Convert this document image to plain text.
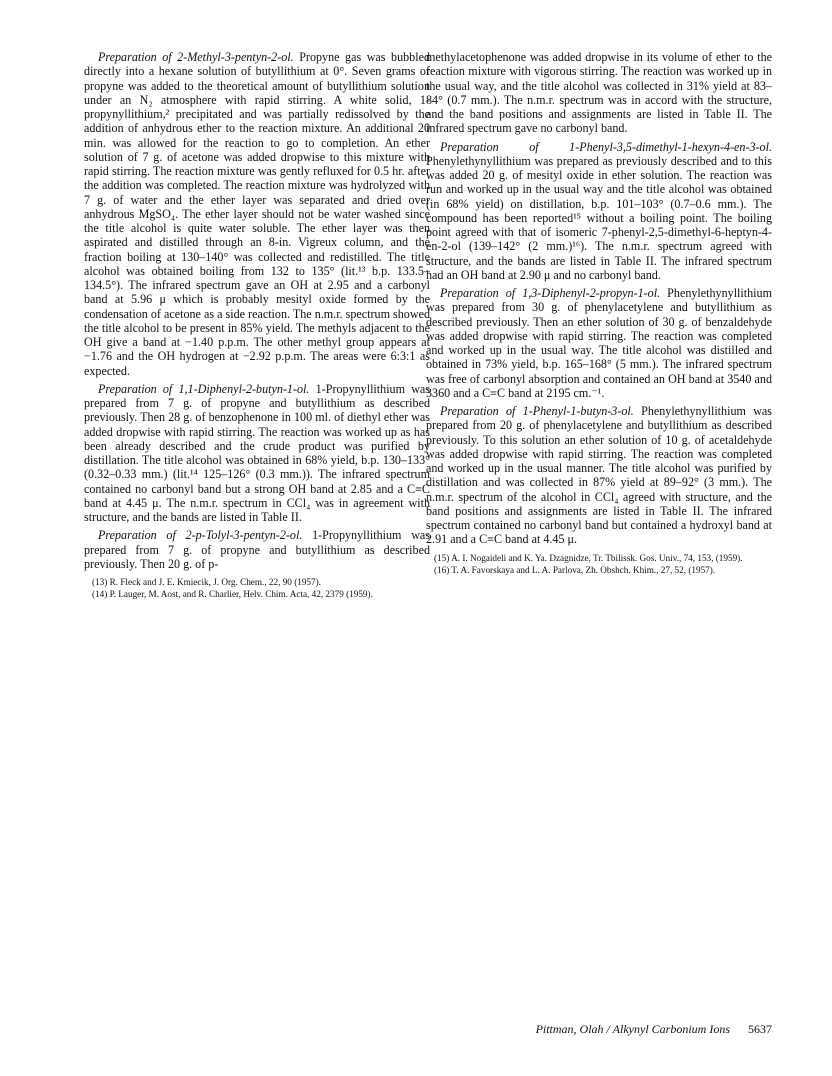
Preparation of 2-Methyl-3-pentyn-2-ol. Propyne gas was bubbled directly into a hexane solution of butyllithium at 0°. Seven grams of propyne was added to the theoretical amount of butyllithium solution under an N₂ atmosphere with rapid stirring. A white solid, 1-propynyllithium,² precipitated and was partially redissolved by the addition of anhydrous ether to the reaction mixture. An additional 20 min. was allowed for the reaction to go to completion. An ether solution of 7 g. of acetone was added dropwise to this mixture with rapid stirring. The reaction mixture was gently refluxed for 0.5 hr. after the addition was completed. The reaction mixture was hydrolyzed with 7 g. of water and the ether layer was separated and dried over anhydrous MgSO₄. The ether layer should not be water washed since the title alcohol is quite water soluble. The ether layer was then aspirated and distilled through an 8-in. Vigreux column, and the fraction boiling at 130–140° was collected and redistilled. The title alcohol was obtained boiling from 132 to 135° (lit.¹³ b.p. 133.5–134.5°). The infrared spectrum gave an OH at 2.95 and a carbonyl band at 5.96 μ which is probably mesityl oxide formed by the condensation of acetone as a side reaction. The n.m.r. spectrum showed the title alcohol to be present in 85% yield. The methyls adjacent to the OH give a band at −1.40 p.p.m. The other methyl group appears at −1.76 and the OH hydrogen at −2.92 p.p.m. The areas were 6:3:1 as expected.

Preparation of 1,1-Diphenyl-2-butyn-1-ol. 1-Propynyllithium was prepared from 7 g. of propyne and butyllithium as described previously. Then 28 g. of benzophenone in 100 ml. of diethyl ether was added dropwise with rapid stirring. The reaction was worked up as has been already described and the crude product was purified by distillation. The title alcohol was obtained in 68% yield, b.p. 130–133° (0.32–0.33 mm.) (lit.¹⁴ 125–126° (0.3 mm.)). The infrared spectrum contained no carbonyl band but a strong OH band at 2.85 and a C≡C band at 4.45 μ. The n.m.r. spectrum in CCl₄ was in agreement with structure, and the bands are listed in Table II.

Preparation of 2-p-Tolyl-3-pentyn-2-ol. 1-Propynyllithium was prepared from 7 g. of propyne and butyllithium as described previously. Then 20 g. of p-

(13) R. Fleck and J. E. Kmiecik, J. Org. Chem., 22, 90 (1957).

(14) P. Lauger, M. Aost, and R. Charlier, Helv. Chim. Acta, 42, 2379 (1959).

methylacetophenone was added dropwise in its volume of ether to the reaction mixture with vigorous stirring. The reaction was worked up in the usual way, and the title alcohol was collected in 31% yield at 83–84° (0.7 mm.). The n.m.r. spectrum was in accord with the structure, and the band positions and assignments are listed in Table II. The infrared spectrum gave no carbonyl band.

Preparation of 1-Phenyl-3,5-dimethyl-1-hexyn-4-en-3-ol. Phenylethynyllithium was prepared as previously described and to this was added 20 g. of mesityl oxide in ether solution. The reaction was run and worked up in the usual way and the title alcohol was obtained (in 68% yield) on distillation, b.p. 101–103° (0.7–0.6 mm.). The compound has been reported¹⁵ without a boiling point. The boiling point agreed with that of isomeric 7-phenyl-2,5-dimethyl-6-heptyn-4-en-2-ol (139–142° (2 mm.)¹⁶). The n.m.r. spectrum agreed with structure, and the bands are listed in Table II. The infrared spectrum had an OH band at 2.90 μ and no carbonyl band.

Preparation of 1,3-Diphenyl-2-propyn-1-ol. Phenylethynyllithium was prepared from 30 g. of phenylacetylene and butyllithium as described previously. Then an ether solution of 30 g. of benzaldehyde was added dropwise with rapid stirring. The reaction was completed and worked up in the usual way. The title alcohol was distilled and obtained in 73% yield, b.p. 165–168° (5 mm.). The infrared spectrum was free of carbonyl absorption and contained an OH band at 3540 and 3360 and a C≡C band at 2195 cm.⁻¹.

Preparation of 1-Phenyl-1-butyn-3-ol. Phenylethynyllithium was prepared from 20 g. of phenylacetylene and butyllithium as described previously. To this solution an ether solution of 10 g. of acetaldehyde was added dropwise with rapid stirring. The reaction was completed and worked up in the usual manner. The title alcohol was purified by distillation and was collected in 87% yield at 89–92° (3 mm.). The n.m.r. spectrum of the alcohol in CCl₄ agreed with structure, and the band positions and assignments are listed in Table II. The infrared spectrum contained no carbonyl band but contained a hydroxyl band at 2.91 and a C≡C band at 4.45 μ.

(15) A. I. Nogaideli and K. Ya. Dzagnidze, Tr. Tbilissk. Gos. Univ., 74, 153, (1959).

(16) T. A. Favorskaya and L. A. Parlova, Zh. Obshch. Khim., 27, 52, (1957).

Pittman, Olah / Alkynyl Carbonium Ions 5637
